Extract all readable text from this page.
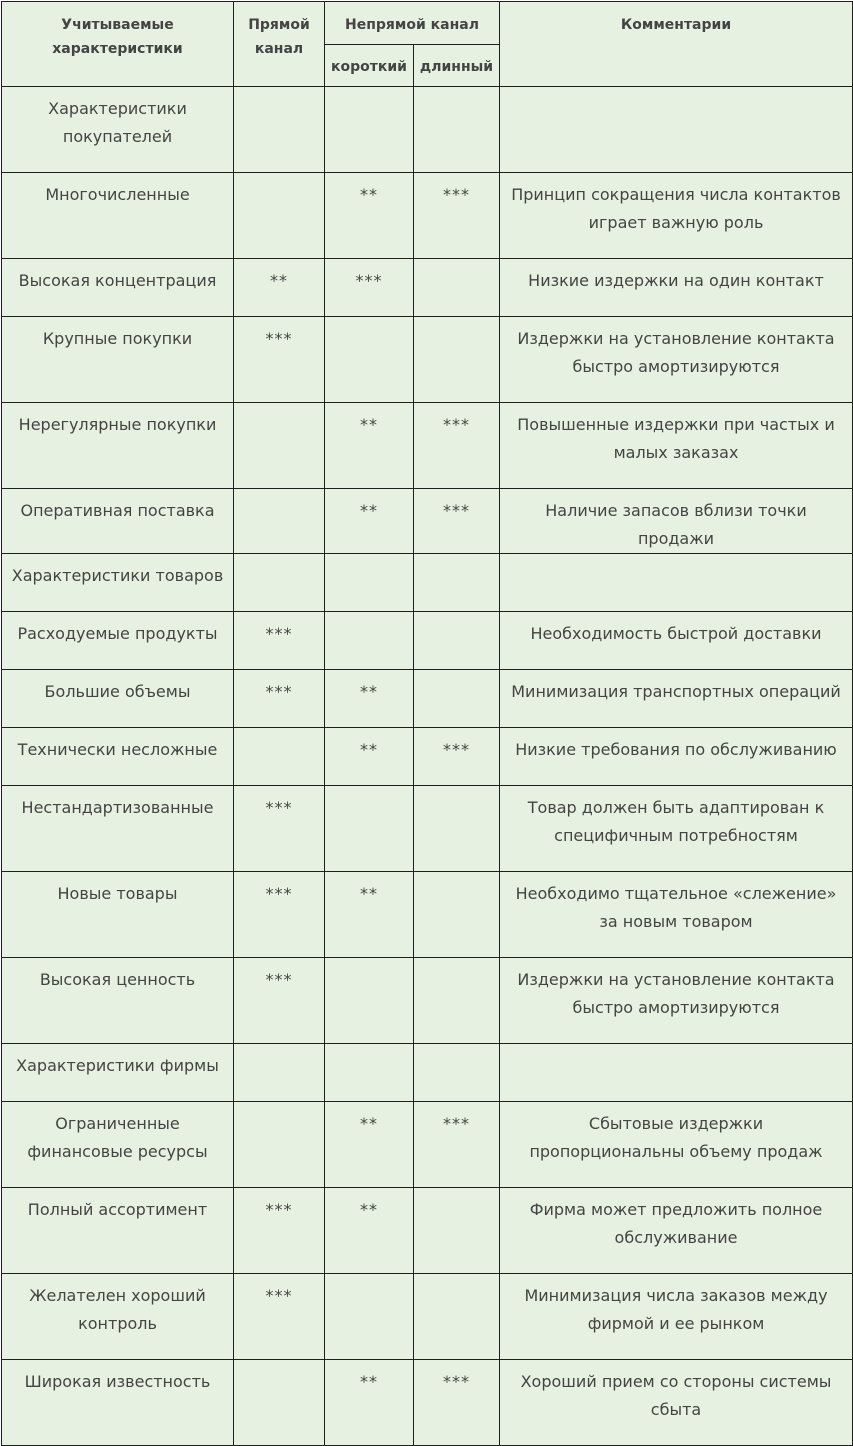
Учитываемые характеристики	Прямой канал	Непрямой канал		Комментарии
		короткий	длинный	
Характеристики покупателей				
Многочисленные		**	***	Принцип сокращения числа контактов играет важную роль
Высокая концентрация	**	***		Низкие издержки на один контакт
Крупные покупки	***			Издержки на установление контакта быстро амортизируются
Нерегулярные покупки		**	***	Повышенные издержки при частых и малых заказах
Оперативная поставка		**	***	Наличие запасов вблизи точки продажи
Характеристики товаров				
Расходуемые продукты	***			Необходимость быстрой доставки
Большие объемы	***	**		Минимизация транспортных операций
Технически несложные		**	***	Низкие требования по обслуживанию
Нестандартизованные	***			Товар должен быть адаптирован к специфичным потребностям
Новые товары	***	**		Необходимо тщательное «слежение» за новым товаром
Высокая ценность	***			Издержки на установление контакта быстро амортизируются
Характеристики фирмы				
Ограниченные финансовые ресурсы		**	***	Сбытовые издержки пропорциональны объему продаж
Полный ассортимент	***	**		Фирма может предложить полное обслуживание
Желателен хороший контроль	***			Минимизация числа заказов между фирмой и ее рынком
Широкая известность		**	***	Хороший прием со стороны системы сбыта
